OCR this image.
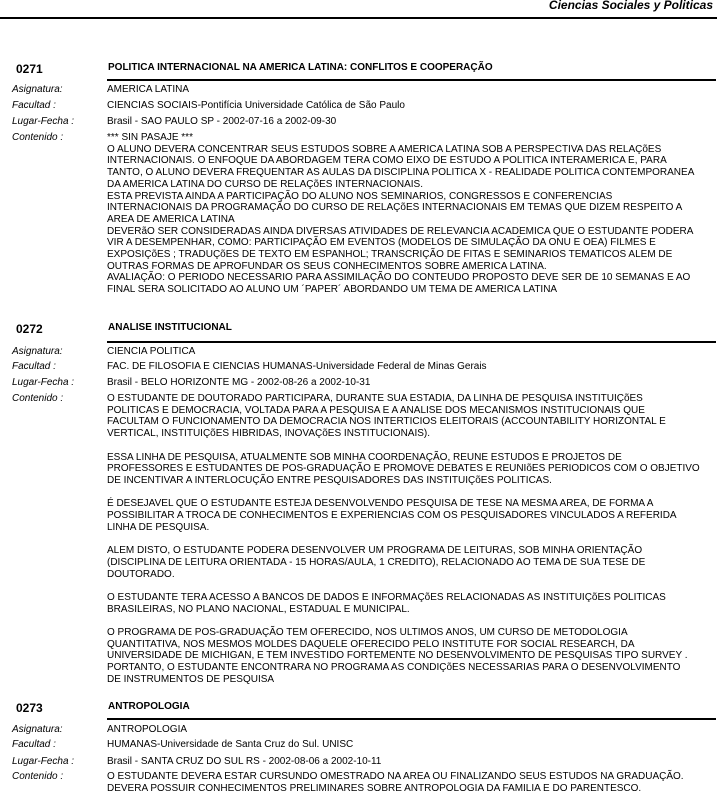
Ciencias Sociales y Politicas
0271	POLITICA INTERNACIONAL NA AMERICA LATINA: CONFLITOS E COOPERAÇÃO
Asignatura:	AMERICA LATINA
Facultad :	CIENCIAS SOCIAIS-Pontifícia Universidade Católica de São Paulo
Lugar-Fecha :	Brasil - SAO PAULO SP - 2002-07-16 a 2002-09-30
Contenido :	*** SIN PASAJE ***
O ALUNO DEVERA CONCENTRAR SEUS ESTUDOS SOBRE A AMERICA LATINA SOB A PERSPECTIVA DAS RELAÇõES
INTERNACIONAIS. O ENFOQUE DA ABORDAGEM TERA COMO EIXO DE ESTUDO A POLITICA INTERAMERICA E, PARA
TANTO, O ALUNO DEVERA FREQUENTAR AS AULAS DA DISCIPLINA POLITICA X - REALIDADE POLITICA CONTEMPORANEA
DA AMERICA LATINA DO CURSO DE RELAÇõES INTERNACIONAIS.
ESTA PREVISTA AINDA A PARTICIPAÇÃO DO ALUNO NOS SEMINARIOS, CONGRESSOS E CONFERENCIAS
INTERNACIONAIS DA PROGRAMAÇÃO DO CURSO DE RELAÇõES INTERNACIONAIS EM TEMAS QUE DIZEM RESPEITO A
AREA DE AMERICA LATINA
DEVERãO SER CONSIDERADAS AINDA DIVERSAS ATIVIDADES DE RELEVANCIA ACADEMICA QUE O ESTUDANTE PODERA
VIR A DESEMPENHAR, COMO: PARTICIPAÇÃO EM EVENTOS (MODELOS DE SIMULAÇÃO DA ONU E OEA) FILMES E
EXPOSIÇõES ; TRADUÇõES DE TEXTO EM ESPANHOL; TRANSCRIÇÃO DE FITAS E SEMINARIOS TEMATICOS ALEM DE
OUTRAS FORMAS DE APROFUNDAR OS SEUS CONHECIMENTOS SOBRE AMERICA LATINA.
AVALIAÇÃO: O PERIODO NECESSARIO PARA ASSIMILAÇÃO DO CONTEUDO PROPOSTO DEVE SER DE 10 SEMANAS E AO
FINAL SERA SOLICITADO AO ALUNO UM ´PAPER´ ABORDANDO UM TEMA DE AMERICA LATINA
0272	ANALISE INSTITUCIONAL
Asignatura:	CIENCIA POLITICA
Facultad :	FAC. DE FILOSOFIA E CIENCIAS HUMANAS-Universidade Federal de Minas Gerais
Lugar-Fecha :	Brasil - BELO HORIZONTE MG - 2002-08-26 a 2002-10-31
Contenido :	O ESTUDANTE DE DOUTORADO PARTICIPARA, DURANTE SUA ESTADIA, DA LINHA DE PESQUISA INSTITUIÇõES
POLITICAS E DEMOCRACIA, VOLTADA PARA A PESQUISA E A ANALISE DOS MECANISMOS INSTITUCIONAIS QUE
FACULTAM O FUNCIONAMENTO DA DEMOCRACIA NOS INTERTICIOS ELEITORAIS (ACCOUNTABILITY HORIZONTAL E
VERTICAL, INSTITUIÇõES HIBRIDAS, INOVAÇõES INSTITUCIONAIS).
ESSA LINHA DE PESQUISA, ATUALMENTE SOB MINHA COORDENAÇÃO, REUNE ESTUDOS E PROJETOS DE
PROFESSORES E ESTUDANTES DE POS-GRADUAÇÃO E PROMOVE DEBATES E REUNIõES PERIODICOS COM O OBJETIVO
DE INCENTIVAR A INTERLOCUÇÃO ENTRE PESQUISADORES DAS INSTITUIÇõES POLITICAS.
É DESEJAVEL QUE O ESTUDANTE ESTEJA DESENVOLVENDO PESQUISA DE TESE NA MESMA AREA, DE FORMA A
POSSIBILITAR A TROCA DE CONHECIMENTOS E EXPERIENCIAS COM OS PESQUISADORES VINCULADOS A REFERIDA
LINHA DE PESQUISA.
ALEM DISTO, O ESTUDANTE PODERA DESENVOLVER UM PROGRAMA DE LEITURAS, SOB MINHA ORIENTAÇÃO
(DISCIPLINA DE LEITURA ORIENTADA - 15 HORAS/AULA, 1 CREDITO), RELACIONADO AO TEMA DE SUA TESE DE
DOUTORADO.
O ESTUDANTE TERA ACESSO A BANCOS DE DADOS E INFORMAÇõES RELACIONADAS AS INSTITUIÇõES POLITICAS
BRASILEIRAS, NO PLANO NACIONAL, ESTADUAL E MUNICIPAL.
O PROGRAMA DE POS-GRADUAÇÃO TEM OFERECIDO, NOS ULTIMOS ANOS, UM CURSO DE METODOLOGIA
QUANTITATIVA, NOS MESMOS MOLDES DAQUELE OFERECIDO PELO INSTITUTE FOR SOCIAL RESEARCH, DA
UNIVERSIDADE DE MICHIGAN, E TEM INVESTIDO FORTEMENTE NO DESENVOLVIMENTO DE PESQUISAS TIPO SURVEY .
PORTANTO, O ESTUDANTE ENCONTRARA NO PROGRAMA AS CONDIÇõES NECESSARIAS PARA O DESENVOLVIMENTO
DE INSTRUMENTOS DE PESQUISA
0273	ANTROPOLOGIA
Asignatura:	ANTROPOLOGIA
Facultad :	HUMANAS-Universidade de Santa Cruz do Sul. UNISC
Lugar-Fecha :	Brasil - SANTA CRUZ DO SUL RS - 2002-08-06 a 2002-10-11
Contenido :	O ESTUDANTE DEVERA ESTAR CURSUNDO OMESTRADO NA AREA OU FINALIZANDO SEUS ESTUDOS NA GRADUAÇÃO.
DEVERA POSSUIR CONHECIMENTOS PRELIMINARES SOBRE ANTROPOLOGIA DA FAMILIA E DO PARENTESCO.
